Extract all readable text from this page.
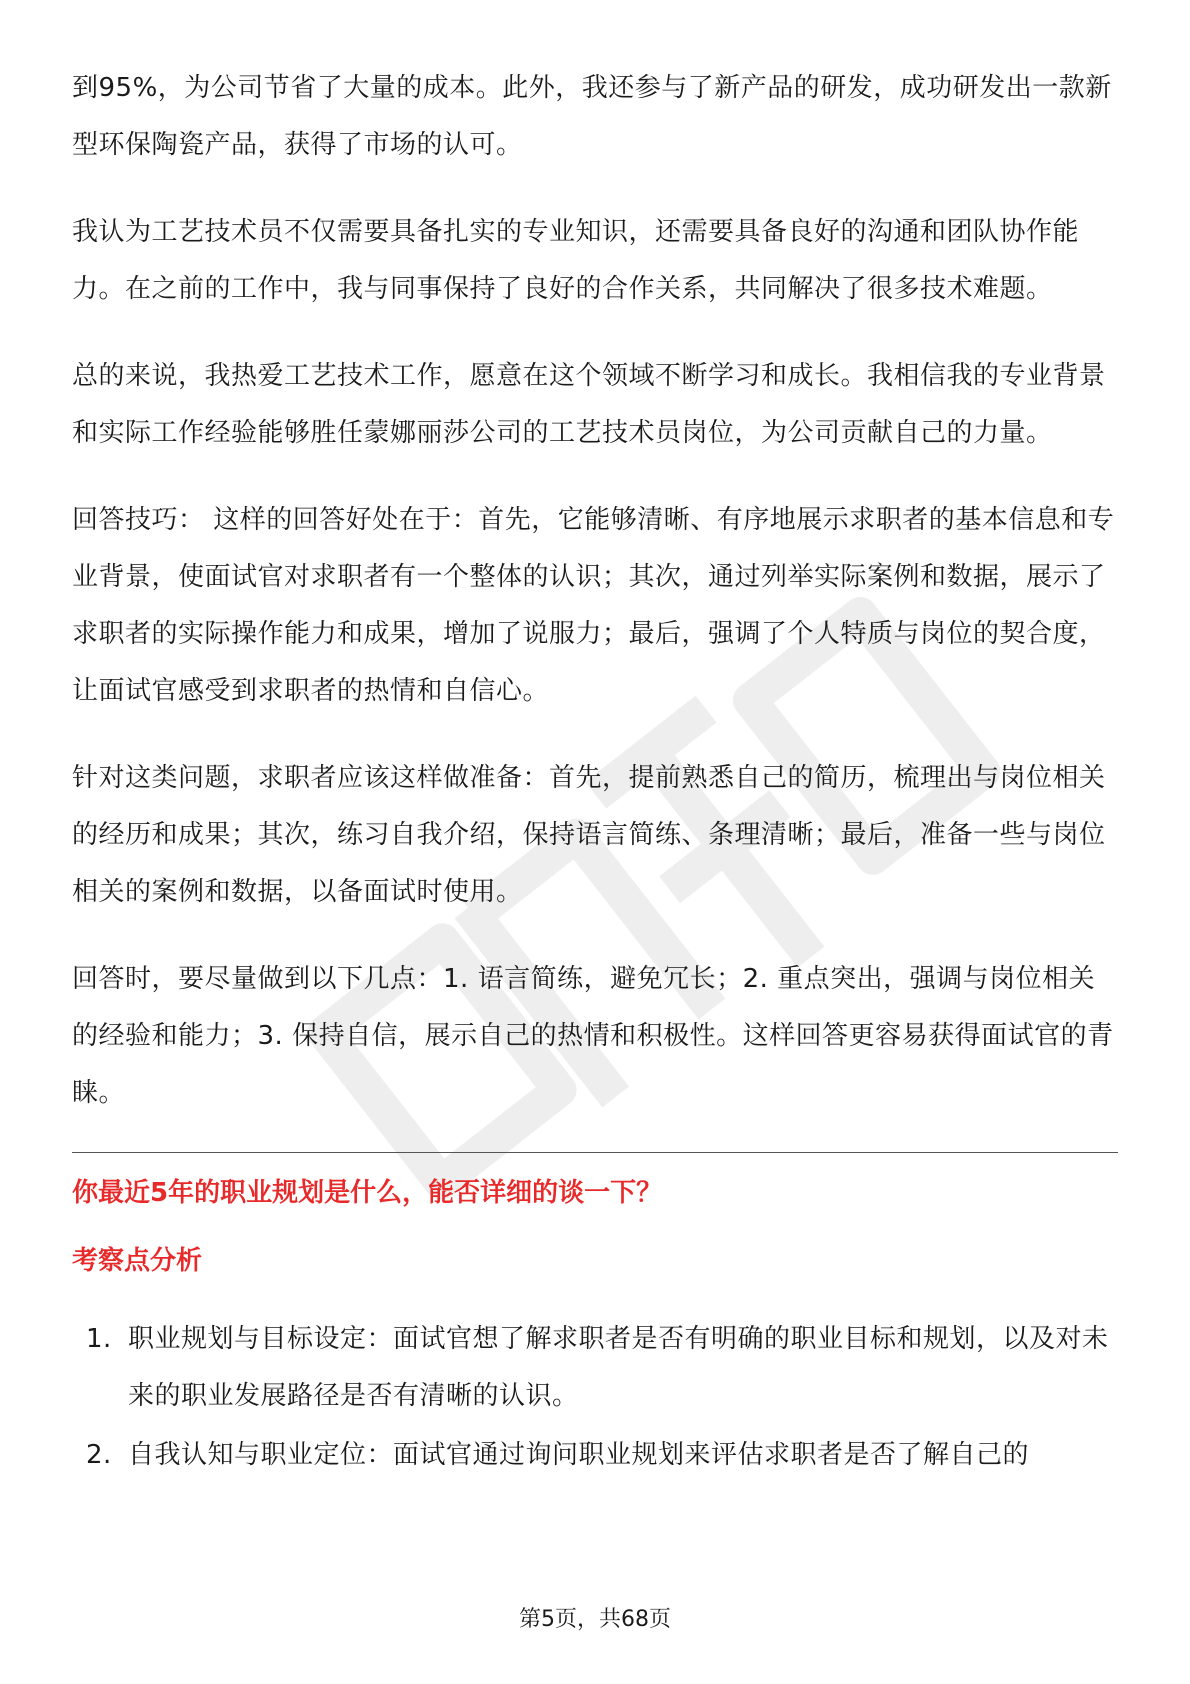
到95%，为公司节省了大量的成本。此外，我还参与了新产品的研发，成功研发出一款新型环保陶瓷产品，获得了市场的认可。

我认为工艺技术员不仅需要具备扎实的专业知识，还需要具备良好的沟通和团队协作能力。在之前的工作中，我与同事保持了良好的合作关系，共同解决了很多技术难题。

总的来说，我热爱工艺技术工作，愿意在这个领域不断学习和成长。我相信我的专业背景和实际工作经验能够胜任蒙娜丽莎公司的工艺技术员岗位，为公司贡献自己的力量。

回答技巧： 这样的回答好处在于：首先，它能够清晰、有序地展示求职者的基本信息和专业背景，使面试官对求职者有一个整体的认识；其次，通过列举实际案例和数据，展示了求职者的实际操作能力和成果，增加了说服力；最后，强调了个人特质与岗位的契合度，让面试官感受到求职者的热情和自信心。

针对这类问题，求职者应该这样做准备：首先，提前熟悉自己的简历，梳理出与岗位相关的经历和成果；其次，练习自我介绍，保持语言简练、条理清晰；最后，准备一些与岗位相关的案例和数据，以备面试时使用。

回答时，要尽量做到以下几点：1. 语言简练，避免冗长；2. 重点突出，强调与岗位相关的经验和能力；3. 保持自信，展示自己的热情和积极性。这样回答更容易获得面试官的青睐。

你最近5年的职业规划是什么，能否详细的谈一下？
考察点分析
1. 职业规划与目标设定：面试官想了解求职者是否有明确的职业目标和规划，以及对未来的职业发展路径是否有清晰的认识。
2. 自我认知与职业定位：面试官通过询问职业规划来评估求职者是否了解自己的
第5页，共68页
